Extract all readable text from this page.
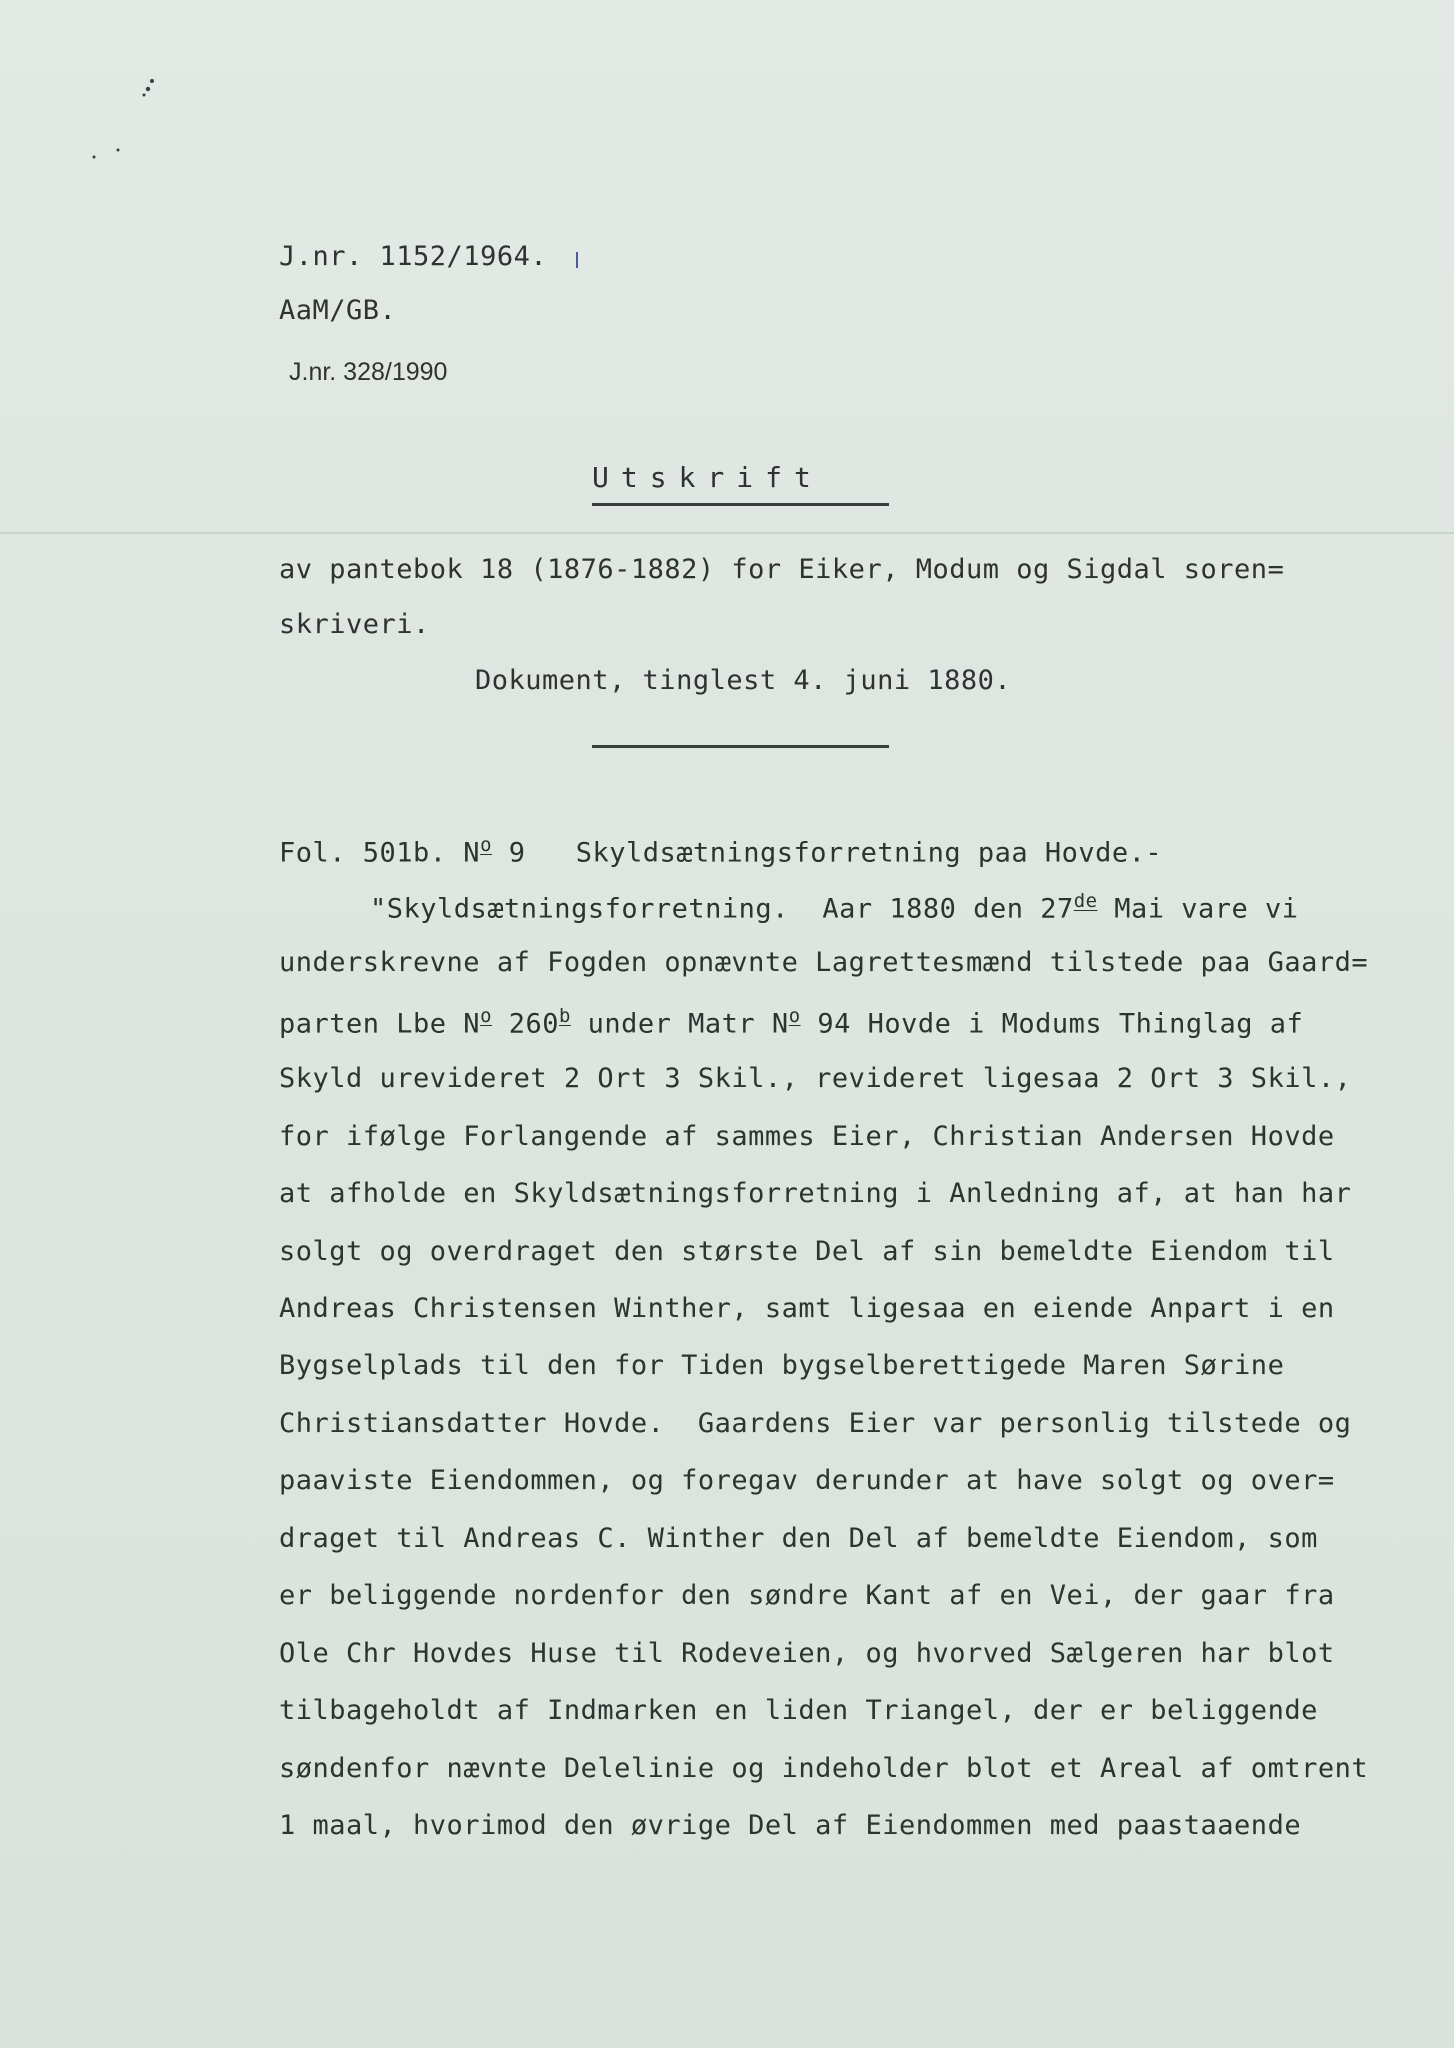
J.nr. 1152/1964.
AaM/GB.
J.nr. 328/1990
Utskrift
av pantebok 18 (1876-1882) for Eiker, Modum og Sigdal soren=
skriveri.
Dokument, tinglest 4. juni 1880.
Fol. 501b. $N^o$ 9   Skyldsætningsforretning paa Hovde.-
"Skyldsætningsforretning.  Aar 1880 den 27de Mai vare vi
underskrevne af Fogden opnævnte Lagrettesmænd tilstede paa Gaard=
parten Lbe $N^o$ 260$^b$ under Matr $N^o$ 94 Hovde i Modums Thinglag af
Skyld urevideret 2 Ort 3 Skil., revideret ligesaa 2 Ort 3 Skil.,
for ifølge Forlangende af sammes Eier, Christian Andersen Hovde
at afholde en Skyldsætningsforretning i Anledning af, at han har
solgt og overdraget den største Del af sin bemeldte Eiendom til
Andreas Christensen Winther, samt ligesaa en eiende Anpart i en
Bygselplads til den for Tiden bygselberettigede Maren Sørine
Christiansdatter Hovde.  Gaardens Eier var personlig tilstede og
paaviste Eiendommen, og foregav derunder at have solgt og over=
draget til Andreas C. Winther den Del af bemeldte Eiendom, som
er beliggende nordenfor den søndre Kant af en Vei, der gaar fra
Ole Chr Hovdes Huse til Rodeveien, og hvorved Sælgeren har blot
tilbageholdt af Indmarken en liden Triangel, der er beliggende
søndenfor nævnte Delelinie og indeholder blot et Areal af omtrent
1 maal, hvorimod den øvrige Del af Eiendommen med paastaaende
